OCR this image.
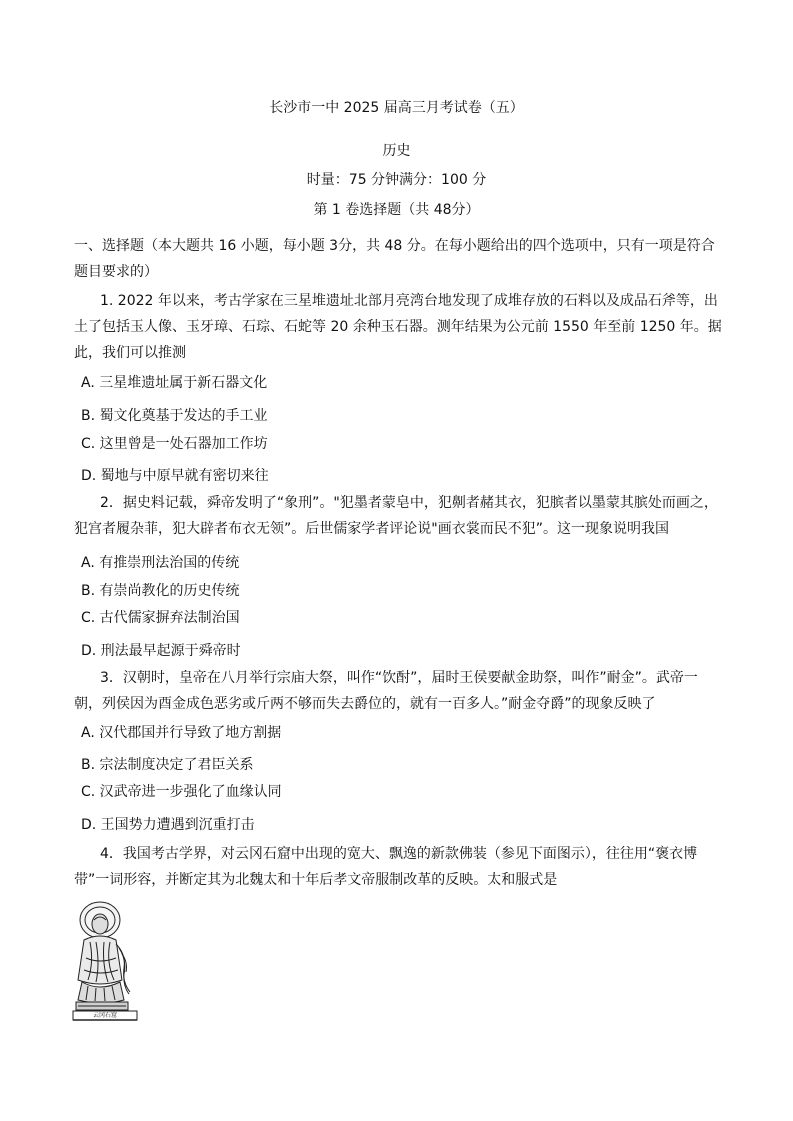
长沙市一中 2025 届高三月考试卷（五）
历史
时量：75 分钟满分：100 分
第 1 卷选择题（共 48分）
一、选择题（本大题共 16 小题，每小题 3分，共 48 分。在每小题给出的四个选项中，只有一项是符合题目要求的）
1. 2022 年以来，考古学家在三星堆遗址北部月亮湾台地发现了成堆存放的石料以及成品石斧等，出土了包括玉人像、玉牙璋、石琮、石蛇等 20 余种玉石器。测年结果为公元前 1550 年至前 1250 年。据此，我们可以推测
A. 三星堆遗址属于新石器文化
B. 蜀文化奠基于发达的手工业
C. 这里曾是一处石器加工作坊
D. 蜀地与中原早就有密切来往
2．据史料记载，舜帝发明了“象刑”。"犯墨者蒙皂中，犯劓者赭其衣，犯膑者以墨蒙其膑处而画之，犯宫者履杂菲，犯大辟者布衣无领”。后世儒家学者评论说"画衣裳而民不犯”。这一现象说明我国
A. 有推崇刑法治国的传统
B. 有崇尚教化的历史传统
C. 古代儒家摒弃法制治国
D. 刑法最早起源于舜帝时
3．汉朝时，皇帝在八月举行宗庙大祭，叫作“饮酎”，届时王侯要献金助祭，叫作”耐金”。武帝一朝，列侯因为酉金成色恶劣或斤两不够而失去爵位的，就有一百多人。”耐金夺爵”的现象反映了
A. 汉代郡国并行导致了地方割据
B. 宗法制度决定了君臣关系
C. 汉武帝进一步强化了血缘认同
D. 王国势力遭遇到沉重打击
4．我国考古学界，对云冈石窟中出现的宽大、飘逸的新款佛装（参见下面图示），往往用“褒衣博带”一词形容，并断定其为北魏太和十年后孝文帝服制改革的反映。太和服式是
云冈石窟
